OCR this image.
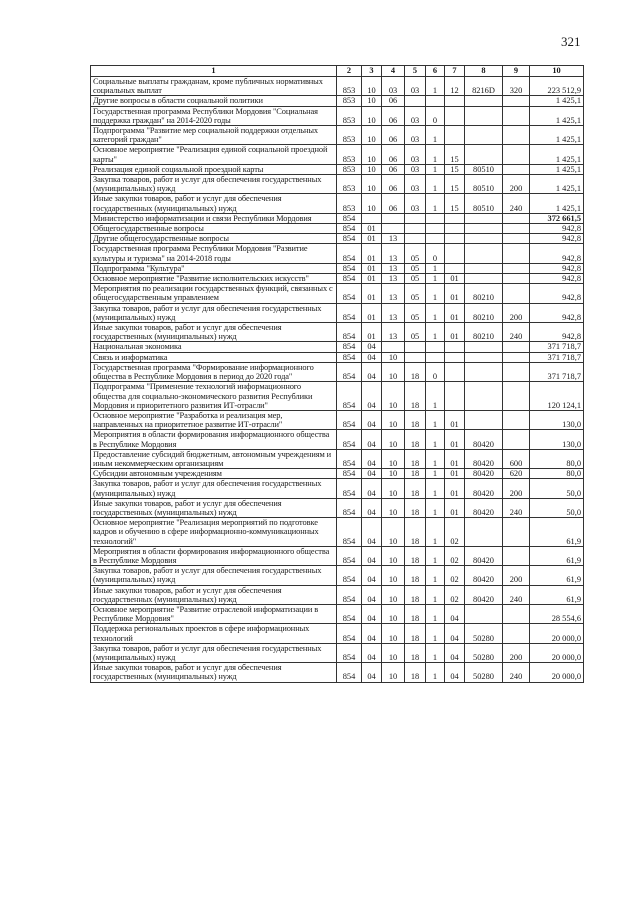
321
1	2	3	4	5	6	7	8	9	10
Социальные выплаты гражданам, кроме публичных нормативных социальных выплат	853	10	03	03	1	12	8216D	320	223 512,9
Другие вопросы в области социальной политики	853	10	06						1 425,1
Государственная программа Республики Мордовия "Социальная поддержка граждан" на 2014-2020 годы	853	10	06	03	0				1 425,1
Подпрограмма "Развитие мер социальной поддержки отдельных категорий граждан"	853	10	06	03	1				1 425,1
Основное мероприятие "Реализация единой социальной проездной карты"	853	10	06	03	1	15			1 425,1
Реализация единой социальной проездной карты	853	10	06	03	1	15	80510		1 425,1
Закупка товаров, работ и услуг для обеспечения государственных (муниципальных) нужд	853	10	06	03	1	15	80510	200	1 425,1
Иные закупки товаров, работ и услуг для обеспечения государственных (муниципальных) нужд	853	10	06	03	1	15	80510	240	1 425,1
Министерство информатизации и связи Республики Мордовия	854								372 661,5
Общегосударственные вопросы	854	01							942,8
Другие общегосударственные вопросы	854	01	13						942,8
Государственная программа Республики Мордовия "Развитие культуры и туризма" на 2014-2018 годы	854	01	13	05	0				942,8
Подпрограмма "Культура"	854	01	13	05	1				942,8
Основное мероприятие "Развитие исполнительских искусств"	854	01	13	05	1	01			942,8
Мероприятия по реализации государственных функций, связанных с общегосударственным управлением	854	01	13	05	1	01	80210		942,8
Закупка товаров, работ и услуг для обеспечения государственных (муниципальных) нужд	854	01	13	05	1	01	80210	200	942,8
Иные закупки товаров, работ и услуг для обеспечения государственных (муниципальных) нужд	854	01	13	05	1	01	80210	240	942,8
Национальная экономика	854	04							371 718,7
Связь и информатика	854	04	10						371 718,7
Государственная программа "Формирование информационного общества в Республике Мордовия в период до 2020 года"	854	04	10	18	0				371 718,7
Подпрограмма "Применение технологий информационного общества для социально-экономического развития Республики Мордовия и приоритетного развития ИТ-отрасли"	854	04	10	18	1				120 124,1
Основное мероприятие "Разработка и реализация мер, направленных на приоритетное развитие ИТ-отрасли"	854	04	10	18	1	01			130,0
Мероприятия в области формирования информационного общества в Республике Мордовия	854	04	10	18	1	01	80420		130,0
Предоставление субсидий бюджетным, автономным учреждениям и иным некоммерческим организациям	854	04	10	18	1	01	80420	600	80,0
Субсидии автономным учреждениям	854	04	10	18	1	01	80420	620	80,0
Закупка товаров, работ и услуг для обеспечения государственных (муниципальных) нужд	854	04	10	18	1	01	80420	200	50,0
Иные закупки товаров, работ и услуг для обеспечения государственных (муниципальных) нужд	854	04	10	18	1	01	80420	240	50,0
Основное мероприятие "Реализация мероприятий по подготовке кадров и обучению в сфере информационно-коммуникационных технологий"	854	04	10	18	1	02			61,9
Мероприятия в области формирования информационного общества в Республике Мордовия	854	04	10	18	1	02	80420		61,9
Закупка товаров, работ и услуг для обеспечения государственных (муниципальных) нужд	854	04	10	18	1	02	80420	200	61,9
Иные закупки товаров, работ и услуг для обеспечения государственных (муниципальных) нужд	854	04	10	18	1	02	80420	240	61,9
Основное мероприятие "Развитие отраслевой информатизации в Республике Мордовия"	854	04	10	18	1	04			28 554,6
Поддержка региональных проектов в сфере информационных технологий	854	04	10	18	1	04	50280		20 000,0
Закупка товаров, работ и услуг для обеспечения государственных (муниципальных) нужд	854	04	10	18	1	04	50280	200	20 000,0
Иные закупки товаров, работ и услуг для обеспечения государственных (муниципальных) нужд	854	04	10	18	1	04	50280	240	20 000,0
